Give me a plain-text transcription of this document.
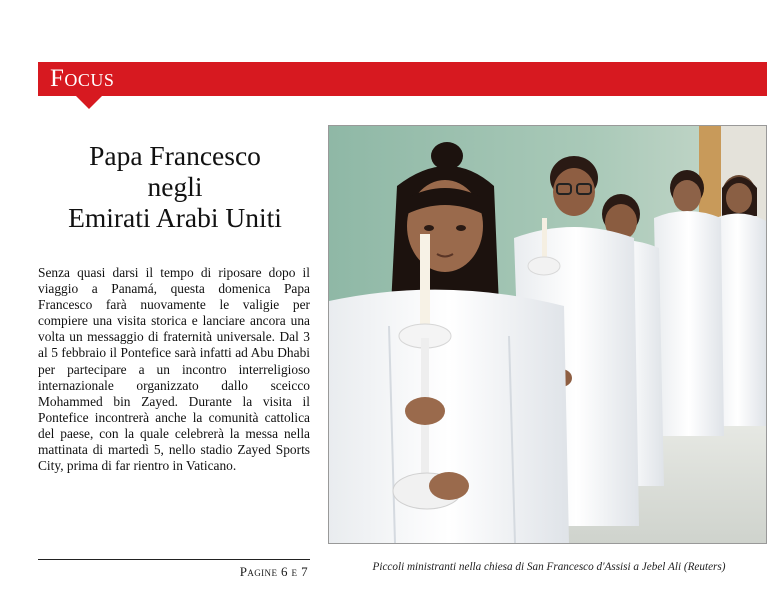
Focus
Papa Francesco
negli
Emirati Arabi Uniti
Senza quasi darsi il tempo di riposare dopo il viaggio a Panamá, questa domenica Papa Francesco farà nuovamente le valigie per compiere una visita storica e lanciare ancora una volta un messaggio di fraternità universale. Dal 3 al 5 febbraio il Pontefice sarà infatti ad Abu Dhabi per partecipare a un incontro interreligioso internazionale organizzato dallo sceicco Mohammed bin Zayed. Durante la visita il Pontefice incontrerà anche la comunità cattolica del paese, con la quale celebrerà la messa nella mattinata di martedì 5, nello stadio Zayed Sports City, prima di far rientro in Vaticano.
Pagine 6 e 7	Piccoli ministranti nella chiesa di San Francesco d'Assisi a Jebel Ali (Reuters)
